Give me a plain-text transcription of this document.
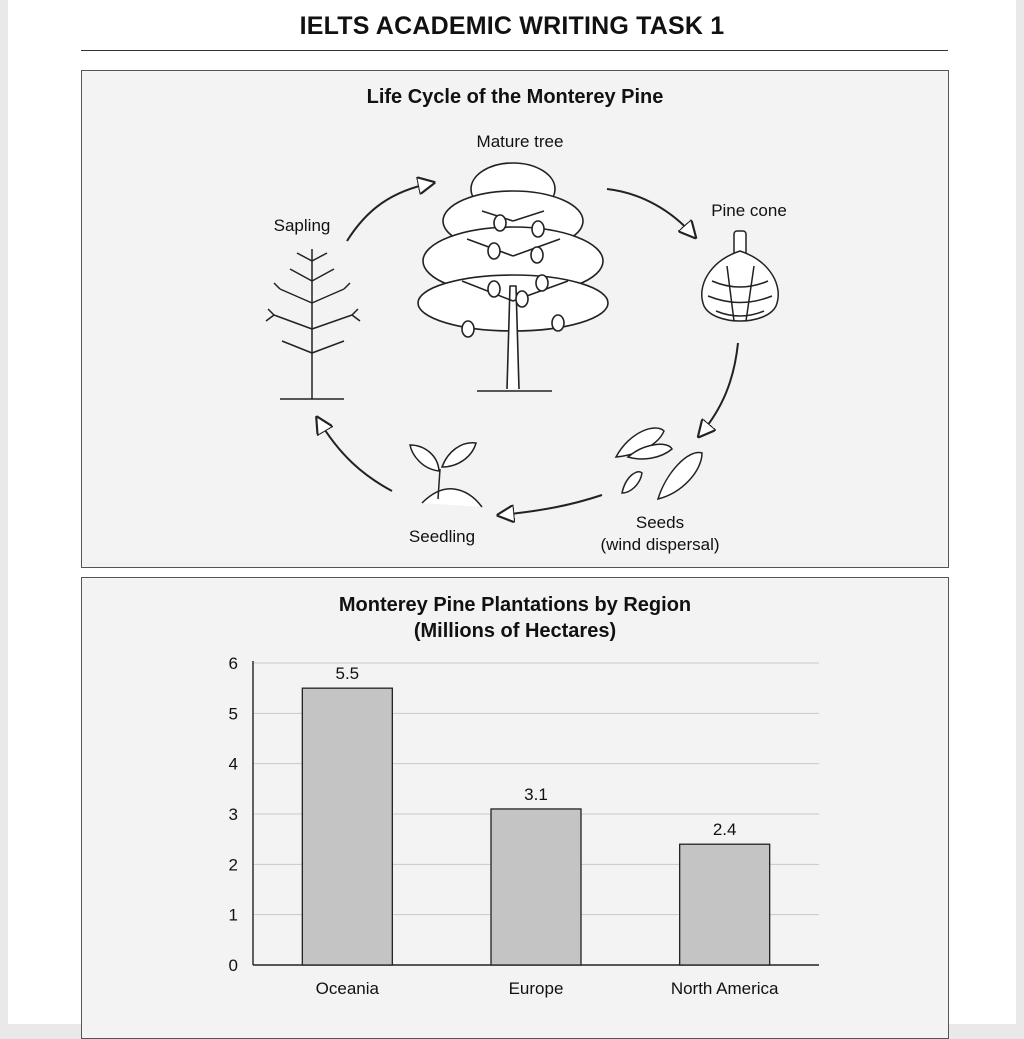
IELTS ACADEMIC WRITING TASK 1
Life Cycle of the Monterey Pine
Mature tree
Pine cone
Sapling
Seeds
(wind dispersal)
Seedling
Monterey Pine Plantations by Region
(Millions of Hectares)
0
1
2
3
4
5
6
5.5
Oceania
3.1
Europe
2.4
North America
